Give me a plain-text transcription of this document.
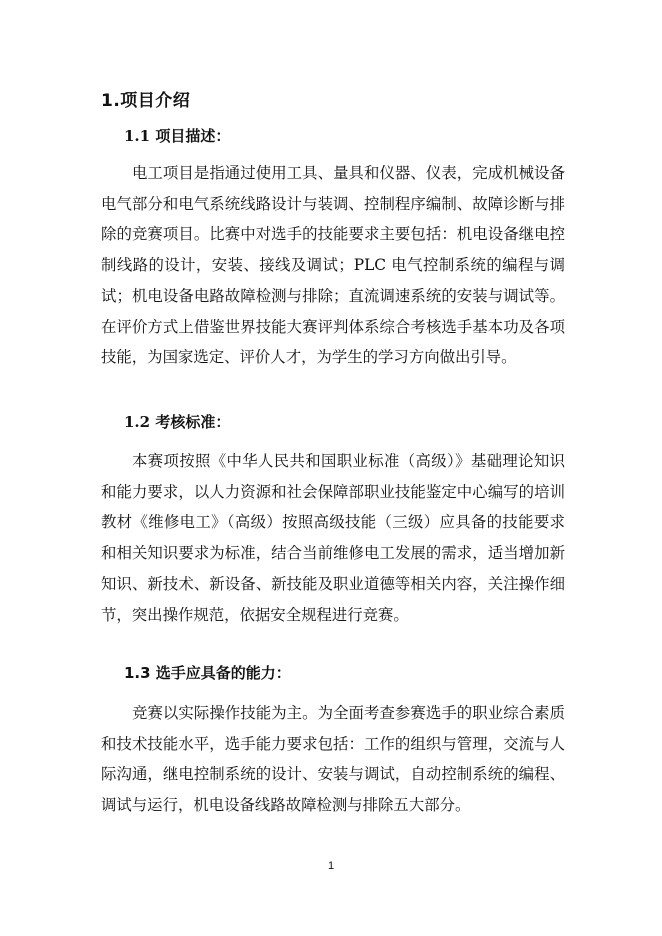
1.项目介绍
1.1 项目描述：

电工项目是指通过使用工具、量具和仪器、仪表，完成机械设备电气部分和电气系统线路设计与装调、控制程序编制、故障诊断与排除的竞赛项目。比赛中对选手的技能要求主要包括：机电设备继电控制线路的设计，安装、接线及调试；PLC 电气控制系统的编程与调试；机电设备电路故障检测与排除；直流调速系统的安装与调试等。在评价方式上借鉴世界技能大赛评判体系综合考核选手基本功及各项技能，为国家选定、评价人才，为学生的学习方向做出引导。

1.2 考核标准：

本赛项按照《中华人民共和国职业标准（高级）》基础理论知识和能力要求，以人力资源和社会保障部职业技能鉴定中心编写的培训教材《维修电工》（高级）按照高级技能（三级）应具备的技能要求和相关知识要求为标准，结合当前维修电工发展的需求，适当增加新知识、新技术、新设备、新技能及职业道德等相关内容，关注操作细节，突出操作规范，依据安全规程进行竞赛。

1.3 选手应具备的能力：

竞赛以实际操作技能为主。为全面考查参赛选手的职业综合素质和技术技能水平，选手能力要求包括：工作的组织与管理，交流与人际沟通，继电控制系统的设计、安装与调试，自动控制系统的编程、调试与运行，机电设备线路故障检测与排除五大部分。

1
